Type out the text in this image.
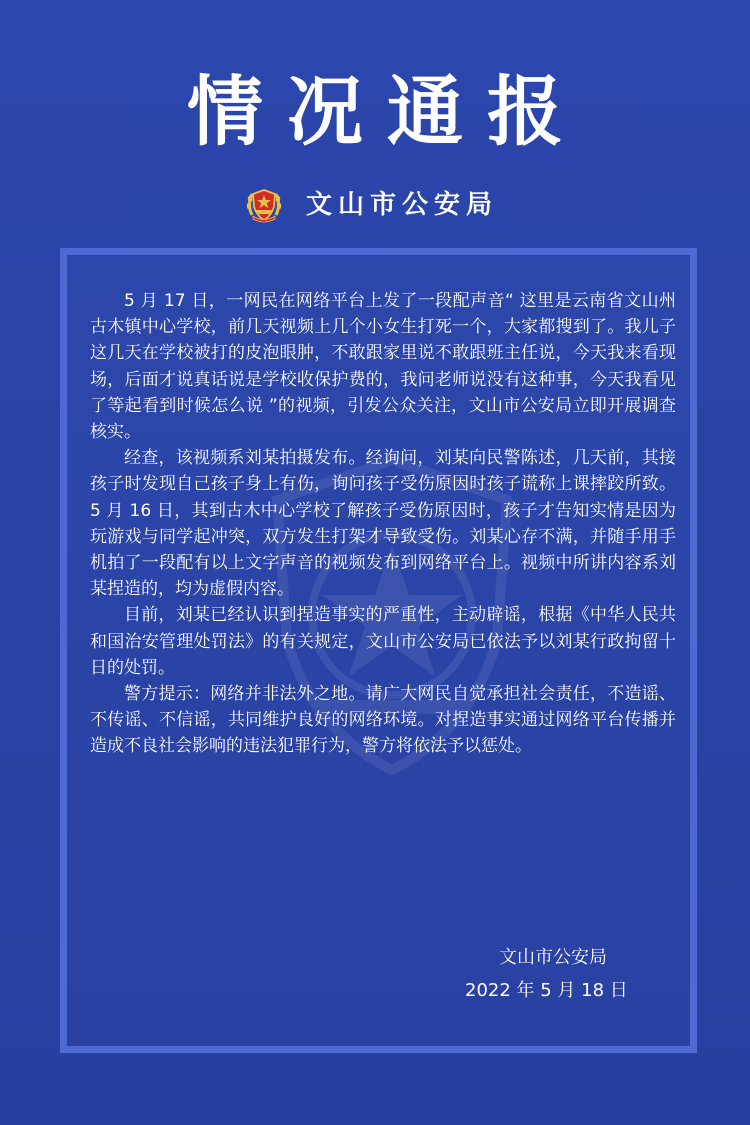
情况通报
文山市公安局

5 月 17 日，一网民在网络平台上发了一段配声音“ 这里是云南省文山州古木镇中心学校，前几天视频上几个小女生打死一个，大家都搜到了。我儿子这几天在学校被打的皮泡眼肿，不敢跟家里说不敢跟班主任说，今天我来看现场，后面才说真话说是学校收保护费的，我问老师说没有这种事，今天我看见了等起看到时候怎么说 ”的视频，引发公众关注，文山市公安局立即开展调查核实。

经查，该视频系刘某拍摄发布。经询问，刘某向民警陈述，几天前，其接孩子时发现自己孩子身上有伤，询问孩子受伤原因时孩子谎称上课摔跤所致。5 月 16 日，其到古木中心学校了解孩子受伤原因时，孩子才告知实情是因为玩游戏与同学起冲突，双方发生打架才导致受伤。刘某心存不满，并随手用手机拍了一段配有以上文字声音的视频发布到网络平台上。视频中所讲内容系刘某捏造的，均为虚假内容。

目前，刘某已经认识到捏造事实的严重性，主动辟谣，根据《中华人民共和国治安管理处罚法》的有关规定，文山市公安局已依法予以刘某行政拘留十日的处罚。

警方提示：网络并非法外之地。请广大网民自觉承担社会责任，不造谣、不传谣、不信谣，共同维护良好的网络环境。对捏造事实通过网络平台传播并造成不良社会影响的违法犯罪行为，警方将依法予以惩处。

文山市公安局
2022 年 5 月 18 日
